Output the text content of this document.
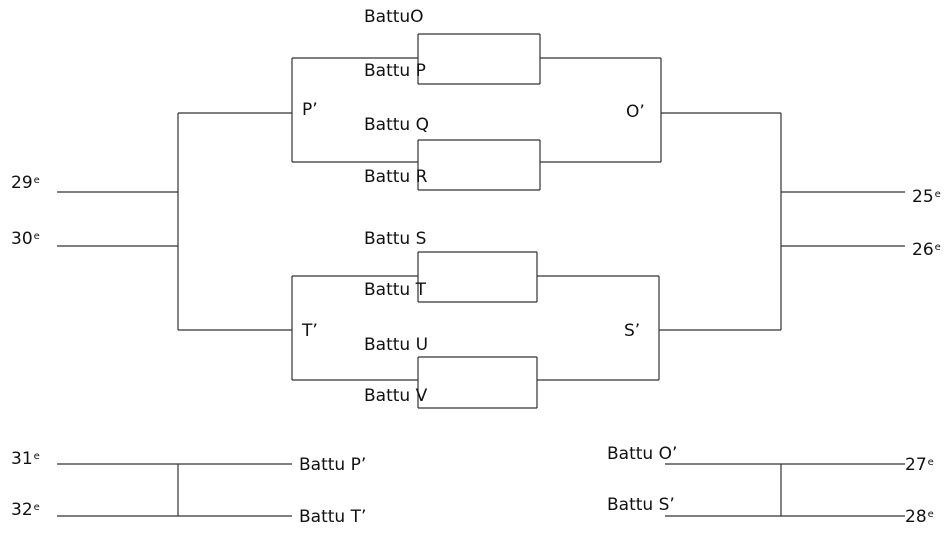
BattuO
Battu P
Battu Q
Battu R
Battu S
Battu T
Battu U
Battu V
P’	O’
T’	S’
29e
30e
25e
26e
31e
32e
Battu P’
Battu T’
Battu O’
Battu S’
27e
28e
